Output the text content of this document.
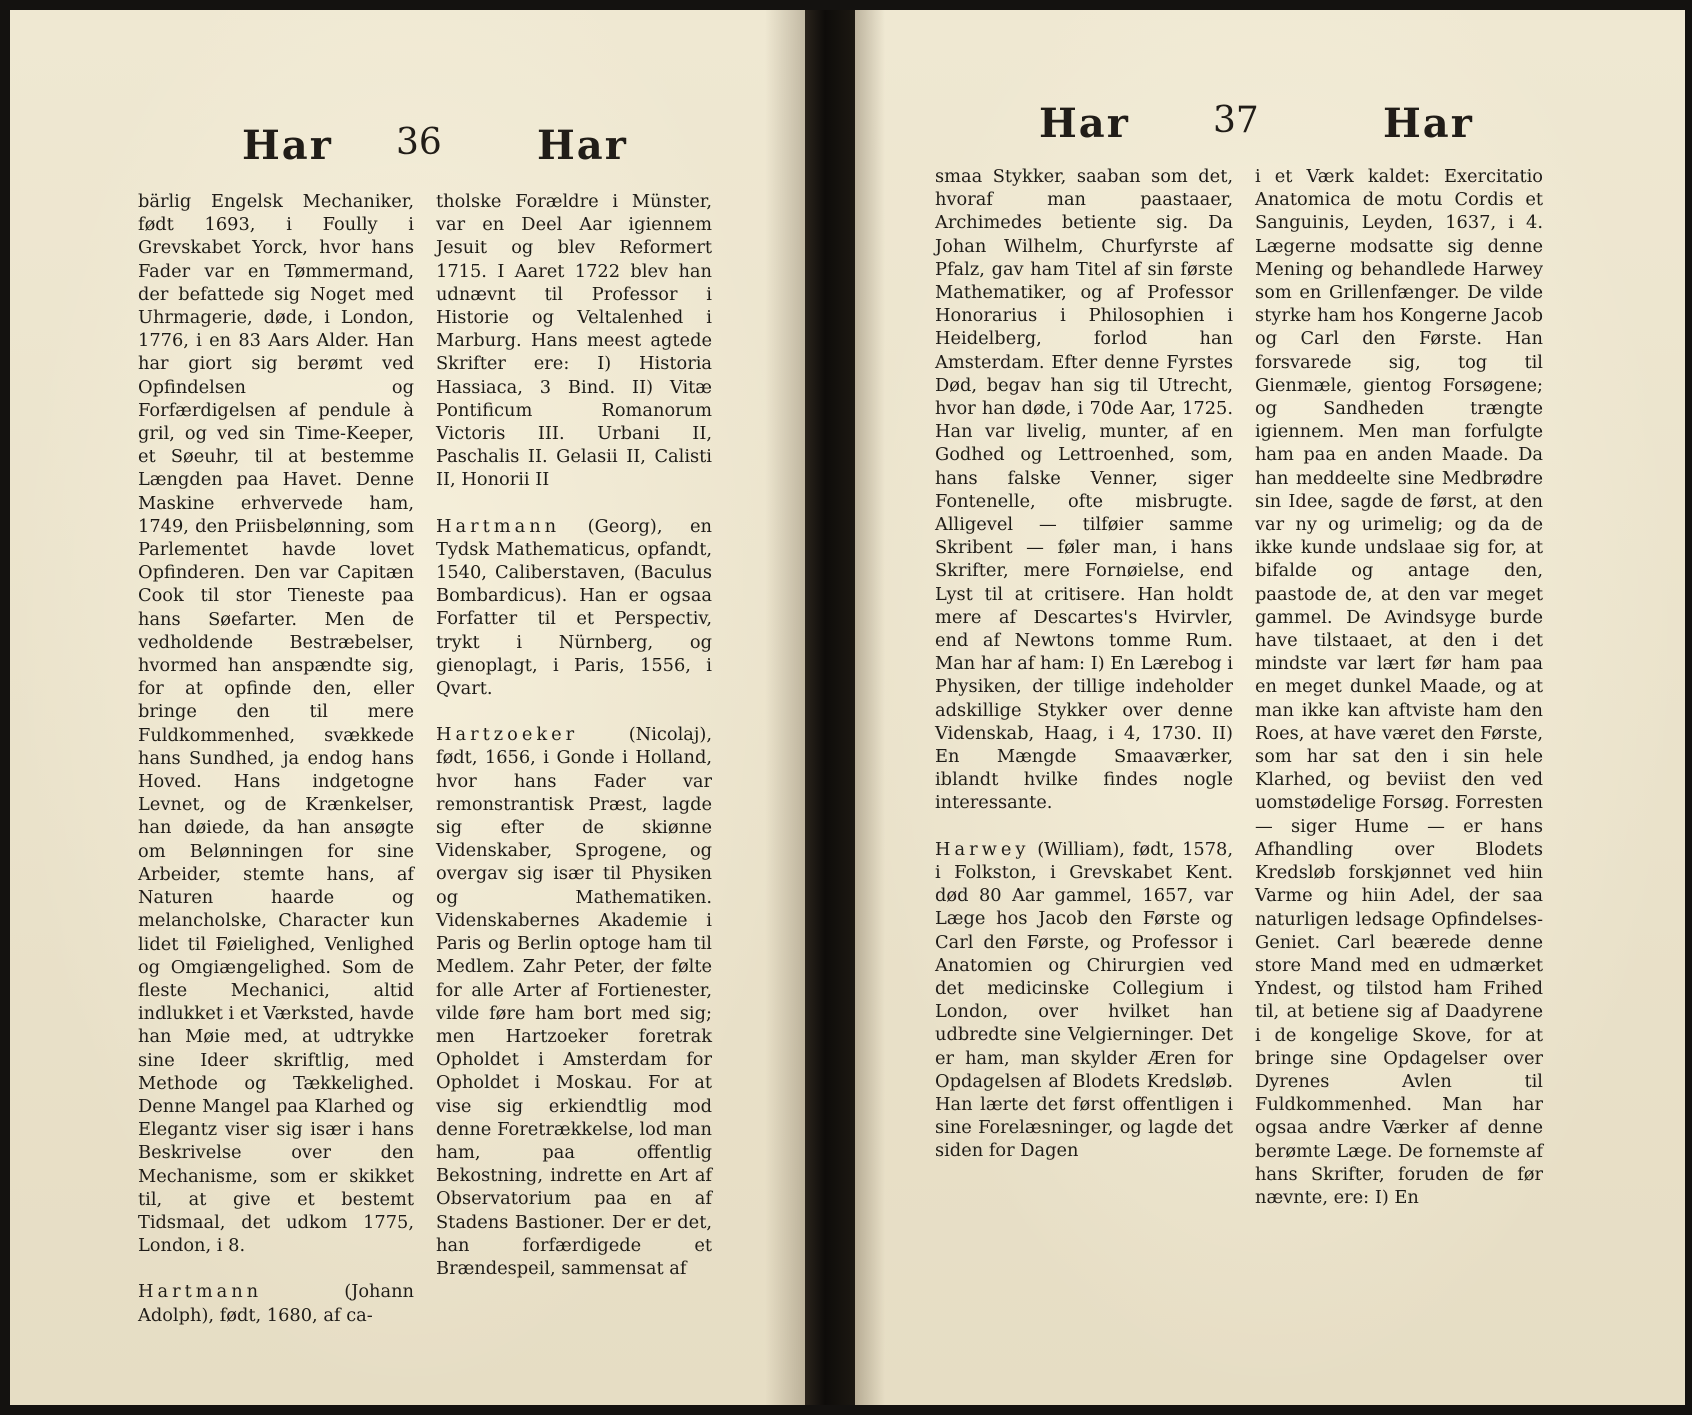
Har 36 Har

bärlig Engelsk Mechaniker, født 1693, i Foully i Grevskabet Yorck, hvor hans Fader var en Tømmermand, der befattede sig Noget med Uhrmagerie, døde, i London, 1776, i en 83 Aars Alder. Han har giort sig berømt ved Opfindelsen og Forfærdigelsen af pendule à gril, og ved sin Time-Keeper, et Søeuhr, til at bestemme Længden paa Havet. Denne Maskine erhvervede ham, 1749, den Priisbelønning, som Parlementet havde lovet Opfinderen. Den var Capitæn Cook til stor Tieneste paa hans Søefarter. Men de vedholdende Bestræbelser, hvormed han anspændte sig, for at opfinde den, eller bringe den til mere Fuldkommenhed, svækkede hans Sundhed, ja endog hans Hoved. Hans indgetogne Levnet, og de Krænkelser, han døiede, da han ansøgte om Belønningen for sine Arbeider, stemte hans, af Naturen haarde og melancholske, Character kun lidet til Føielighed, Venlighed og Omgiængelighed. Som de fleste Mechanici, altid indlukket i et Værksted, havde han Møie med, at udtrykke sine Ideer skriftlig, med Methode og Tækkelighed. Denne Mangel paa Klarhed og Elegantz viser sig især i hans Beskrivelse over den Mechanisme, som er skikket til, at give et bestemt Tidsmaal, det udkom 1775, London, i 8.

Hartmann	(Johann Adolph), født, 1680, af ca-

tholske Forældre i Münster, var en Deel Aar igiennem Jesuit og blev Reformert 1715. I Aaret 1722 blev han udnævnt til Professor i Historie og Veltalenhed i Marburg. Hans meest agtede Skrifter ere: I) Historia Hassiaca, 3 Bind. II) Vitæ Pontificum Romanorum Victoris III. Urbani II, Paschalis II. Gelasii II, Calisti II, Honorii II

Hartmann (Georg), en Tydsk Mathematicus, opfandt, 1540, Caliberstaven, (Baculus Bombardicus). Han er ogsaa Forfatter til et Perspectiv, trykt i Nürnberg, og gienoplagt, i Paris, 1556, i Qvart.

Hartzoeker	(Nicolaj), født, 1656, i Gonde i Holland, hvor hans Fader var remonstrantisk Præst, lagde sig efter de skiønne Videnskaber, Sprogene, og overgav sig især til Physiken og Mathematiken. Videnskabernes Akademie i Paris og Berlin optoge ham til Medlem. Zahr Peter, der følte for alle Arter af Fortienester, vilde føre ham bort med sig; men Hartzoeker foretrak Opholdet i Amsterdam for Opholdet i Moskau. For at vise sig erkiendtlig mod denne Foretrækkelse, lod man ham, paa offentlig Bekostning, indrette en Art af Observatorium paa en af Stadens Bastioner. Der er det, han forfærdigede et Brændespeil, sammensat af

Har 37	Har

smaa Stykker, saaban som det, hvoraf man paastaaer, Archimedes betiente sig. Da Johan Wilhelm, Churfyrste af Pfalz, gav ham Titel af sin første Mathematiker, og af Professor Honorarius i Philosophien i Heidelberg, forlod han Amsterdam. Efter denne Fyrstes Død, begav han sig til Utrecht, hvor han døde, i 70de Aar, 1725. Han var livelig, munter, af en Godhed og Lettroenhed, som, hans falske Venner, siger Fontenelle, ofte misbrugte. Alligevel — tilføier samme Skribent — føler man, i hans Skrifter, mere Fornøielse, end Lyst til at critisere. Han holdt mere af Descartes's Hvirvler, end af Newtons tomme Rum. Man har af ham: I) En Lærebog i Physiken, der tillige indeholder adskillige Stykker over denne Videnskab, Haag, i 4, 1730. II) En Mængde Smaaværker, iblandt hvilke findes nogle interessante.

Harwey (William), født, 1578, i Folkston, i Grevskabet Kent. død 80 Aar gammel, 1657, var Læge hos Jacob den Første og Carl den Første, og Professor i Anatomien og Chirurgien ved det medicinske Collegium i London, over hvilket han udbredte sine Velgierninger. Det er ham, man skylder Æren for Opdagelsen af Blodets Kredsløb. Han lærte det først offentligen i sine Forelæsninger, og lagde det siden for Dagen

i et Værk kaldet: Exercitatio Anatomica de motu Cordis et Sanguinis, Leyden, 1637, i 4. Lægerne modsatte sig denne Mening og behandlede Harwey som en Grillenfænger. De vilde styrke ham hos Kongerne Jacob og Carl den Første. Han forsvarede sig, tog til Gienmæle, gientog Forsøgene; og Sandheden trængte igiennem. Men man forfulgte ham paa en anden Maade. Da han meddeelte sine Medbrødre sin Idee, sagde de først, at den var ny og urimelig; og da de ikke kunde undslaae sig for, at bifalde og antage den, paastode de, at den var meget gammel. De Avindsyge burde have tilstaaet, at den i det mindste var lært før ham paa en meget dunkel Maade, og at man ikke kan aftviste ham den Roes, at have været den Første, som har sat den i sin hele Klarhed, og beviist den ved uomstødelige Forsøg. Forresten — siger Hume — er hans Afhandling over Blodets Kredsløb forskjønnet ved hiin Varme og hiin Adel, der saa naturligen ledsage Opfindelses-Geniet. Carl beærede denne store Mand med en udmærket Yndest, og tilstod ham Frihed til, at betiene sig af Daadyrene i de kongelige Skove, for at bringe sine Opdagelser over Dyrenes Avlen til Fuldkommenhed. Man har ogsaa andre Værker af denne berømte Læge. De fornemste af hans Skrifter, foruden de før nævnte, ere: I) En
